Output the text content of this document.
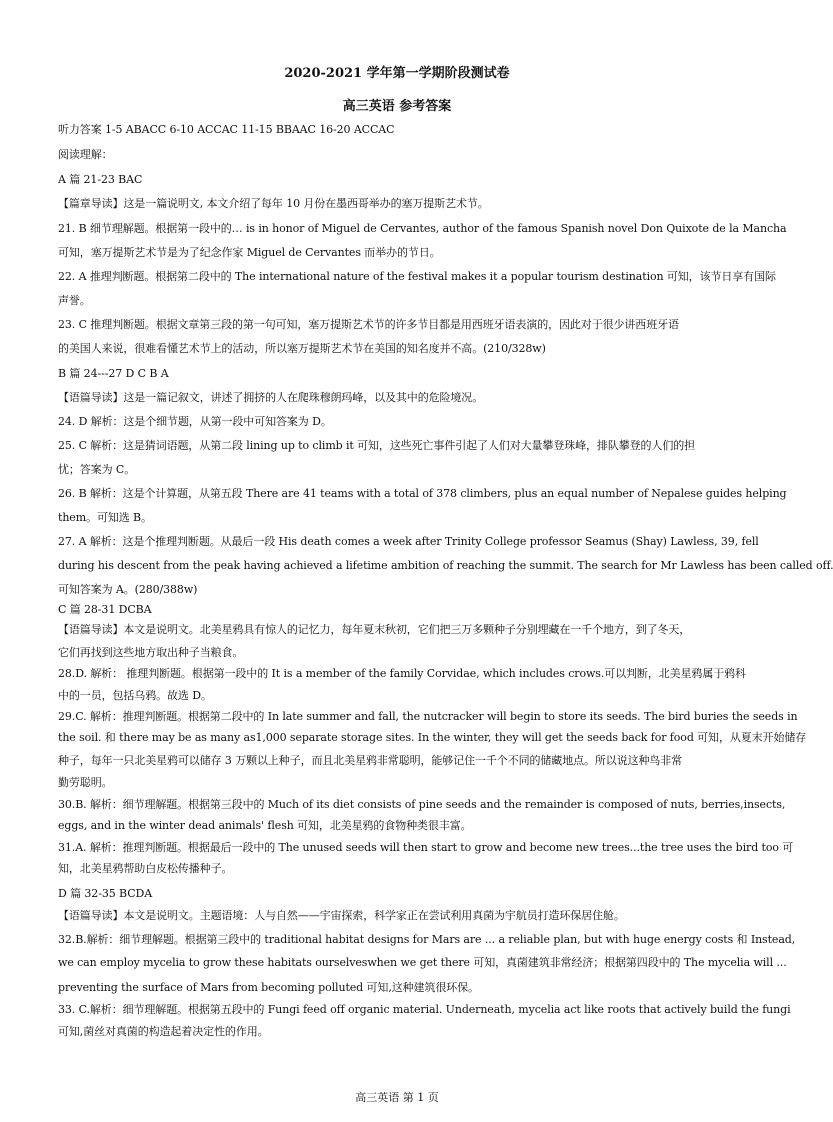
2020-2021 学年第一学期阶段测试卷
高三英语 参考答案
听力答案 1-5 ABACC 6-10 ACCAC 11-15 BBAAC 16-20 ACCAC
阅读理解：
A 篇 21-23 BAC
【篇章导读】这是一篇说明文, 本文介绍了每年 10 月份在墨西哥举办的塞万提斯艺术节。
21. B 细节理解题。根据第一段中的… is in honor of Miguel de Cervantes, author of the famous Spanish novel Don Quixote de la Mancha
可知，塞万提斯艺术节是为了纪念作家 Miguel de Cervantes 而举办的节日。
22. A 推理判断题。根据第二段中的 The international nature of the festival makes it a popular tourism destination 可知，该节日享有国际
声誉。
23. C 推理判断题。根据文章第三段的第一句可知，塞万提斯艺术节的许多节目都是用西班牙语表演的，因此对于很少讲西班牙语
的美国人来说，很难看懂艺术节上的活动，所以塞万提斯艺术节在美国的知名度并不高。(210/328w)
B 篇 24---27 D C B A
【语篇导读】这是一篇记叙文，讲述了拥挤的人在爬珠穆朗玛峰，以及其中的危险境况。
24. D 解析：这是个细节题，从第一段中可知答案为 D。
25. C 解析：这是猜词语题，从第二段 lining up to climb it 可知，这些死亡事件引起了人们对大量攀登珠峰，排队攀登的人们的担
忧；答案为 C。
26. B 解析：这是个计算题，从第五段 There are 41 teams with a total of 378 climbers, plus an equal number of Nepalese guides helping
them。可知选 B。
27. A 解析：这是个推理判断题。从最后一段 His death comes a week after Trinity College professor Seamus (Shay) Lawless, 39, fell
during his descent from the peak having achieved a lifetime ambition of reaching the summit. The search for Mr Lawless has been called off.
可知答案为 A。(280/388w)
C 篇 28-31 DCBA
【语篇导读】本文是说明文。北美星鸦具有惊人的记忆力，每年夏末秋初，它们把三万多颗种子分别埋藏在一千个地方，到了冬天，
它们再找到这些地方取出种子当粮食。
28.D. 解析： 推理判断题。根据第一段中的 It is a member of the family Corvidae, which includes crows.可以判断，北美星鸦属于鸦科
中的一员，包括乌鸦。故选 D。
29.C. 解析：推理判断题。根据第二段中的 In late summer and fall, the nutcracker will begin to store its seeds. The bird buries the seeds in
the soil. 和 there may be as many as1,000 separate storage sites. In the winter, they will get the seeds back for food 可知，从夏末开始储存
种子，每年一只北美星鸦可以储存 3 万颗以上种子，而且北美星鸦非常聪明，能够记住一千个不同的储藏地点。所以说这种鸟非常
勤劳聪明。
30.B. 解析：细节理解题。根据第三段中的 Much of its diet consists of pine seeds and the remainder is composed of nuts, berries,insects,
eggs, and in the winter dead animals' flesh 可知，北美星鸦的食物种类很丰富。
31.A. 解析：推理判断题。根据最后一段中的 The unused seeds will then start to grow and become new trees...the tree uses the bird too 可
知，北美星鸦帮助白皮松传播种子。
D 篇 32-35 BCDA
【语篇导读】本文是说明文。主题语境：人与自然——宇宙探索，科学家正在尝试利用真菌为宇航员打造环保居住舱。
32.B.解析：细节理解题。根据第三段中的 traditional habitat designs for Mars are ... a reliable plan, but with huge energy costs 和 Instead,
we can employ mycelia to grow these habitats ourselveswhen we get there 可知，真菌建筑非常经济；根据第四段中的 The mycelia will ...
preventing the surface of Mars from becoming polluted 可知,这种建筑很环保。
33. C.解析：细节理解题。根据第五段中的 Fungi feed off organic material. Underneath, mycelia act like roots that actively build the fungi
可知,菌丝对真菌的构造起着决定性的作用。
高三英语 第 1 页
